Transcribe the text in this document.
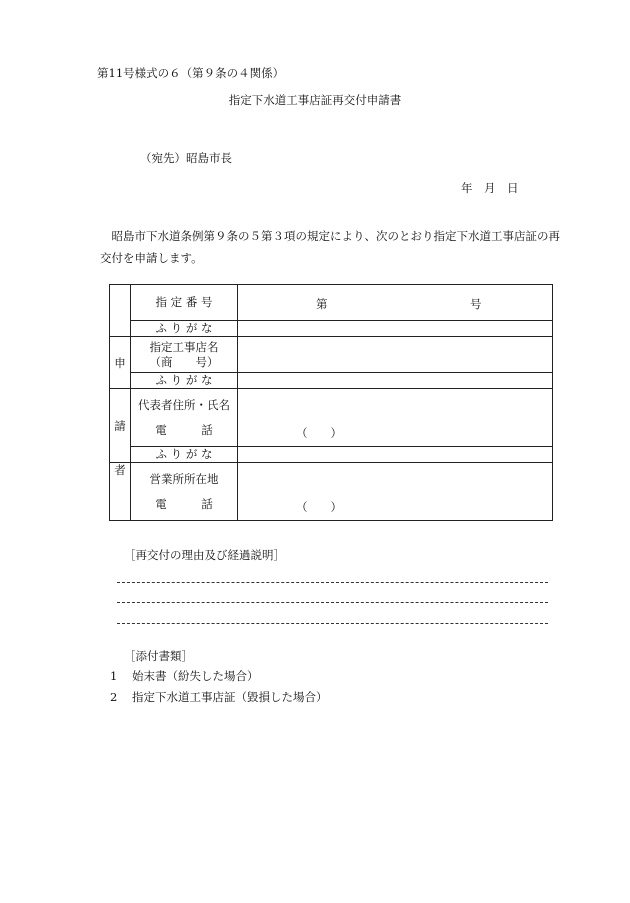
第11号様式の６（第９条の４関係）
指定下水道工事店証再交付申請書
（宛先）昭島市長
年　月　日
昭島市下水道条例第９条の５第３項の規定により、次のとおり指定下水道工事店証の再交付を申請します。
	指 定 番 号	第 号

	ふ り が な	

申	指定工事店名
（商　　号）	

	ふ り が な	

請	代表者住所・氏名
電　　　話	（　　）

	ふ り が な	

者	営業所所在地
電　　　話	（　　）
［再交付の理由及び経過説明］
［添付書類］
1 始末書（紛失した場合）
2 指定下水道工事店証（毀損した場合）
